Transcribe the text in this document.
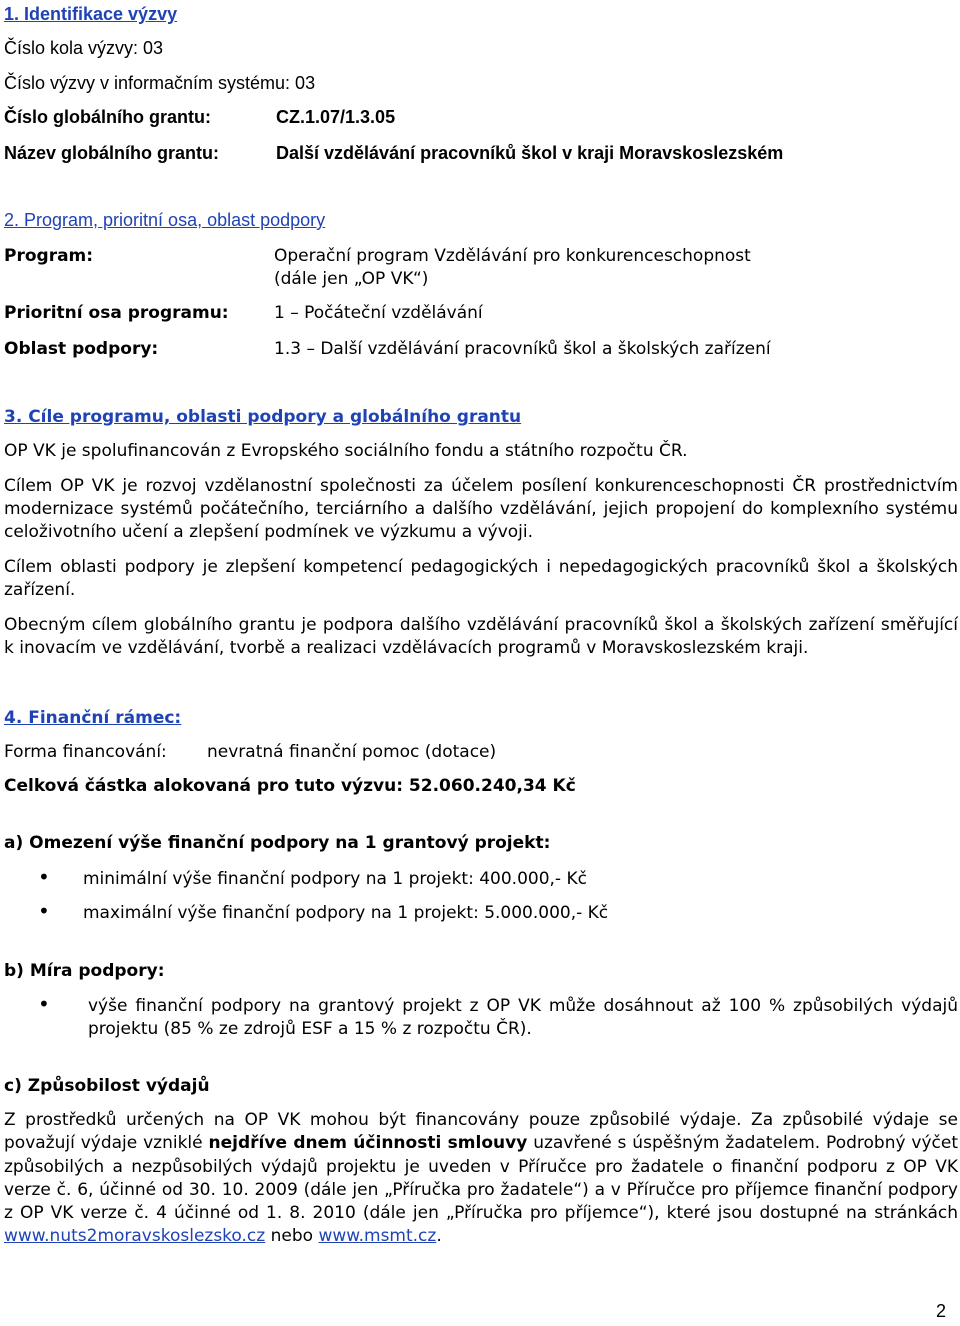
1. Identifikace výzvy
Číslo kola výzvy: 03
Číslo výzvy v informačním systému: 03
Číslo globálního grantu:	CZ.1.07/1.3.05
Název globálního grantu:	Další vzdělávání pracovníků škol v kraji Moravskoslezském
2. Program, prioritní osa, oblast podpory
Program:	Operační program Vzdělávání pro konkurenceschopnost
(dále jen „OP VK“)
Prioritní osa programu:	1 – Počáteční vzdělávání
Oblast podpory:	1.3 – Další vzdělávání pracovníků škol a školských zařízení
3. Cíle programu, oblasti podpory a globálního grantu
OP VK je spolufinancován z Evropského sociálního fondu a státního rozpočtu ČR.
Cílem OP VK je rozvoj vzdělanostní společnosti za účelem posílení konkurenceschopnosti ČR prostřednictvím modernizace systémů počátečního, terciárního a dalšího vzdělávání, jejich propojení do komplexního systému celoživotního učení a zlepšení podmínek ve výzkumu a vývoji.
Cílem oblasti podpory je zlepšení kompetencí pedagogických i nepedagogických pracovníků škol a školských zařízení.
Obecným cílem globálního grantu je podpora dalšího vzdělávání pracovníků škol a školských zařízení směřující k inovacím ve vzdělávání, tvorbě a realizaci vzdělávacích programů v Moravskoslezském kraji.
4. Finanční rámec:
Forma financování: nevratná finanční pomoc (dotace)
Celková částka alokovaná pro tuto výzvu: 52.060.240,34 Kč
a) Omezení výše finanční podpory na 1 grantový projekt:
• minimální výše finanční podpory na 1 projekt: 400.000,- Kč
• maximální výše finanční podpory na 1 projekt: 5.000.000,- Kč
b) Míra podpory:
• výše finanční podpory na grantový projekt z OP VK může dosáhnout až 100 % způsobilých výdajů projektu (85 % ze zdrojů ESF a 15 % z rozpočtu ČR).
c) Způsobilost výdajů
Z prostředků určených na OP VK mohou být financovány pouze způsobilé výdaje. Za způsobilé výdaje se považují výdaje vzniklé nejdříve dnem účinnosti smlouvy uzavřené s úspěšným žadatelem. Podrobný výčet způsobilých a nezpůsobilých výdajů projektu je uveden v Příručce pro žadatele o finanční podporu z OP VK verze č. 6, účinné od 30. 10. 2009 (dále jen „Příručka pro žadatele“) a v Příručce pro příjemce finanční podpory z OP VK verze č. 4 účinné od 1. 8. 2010 (dále jen „Příručka pro příjemce“), které jsou dostupné na stránkách www.nuts2moravskoslezsko.cz nebo www.msmt.cz.
2
